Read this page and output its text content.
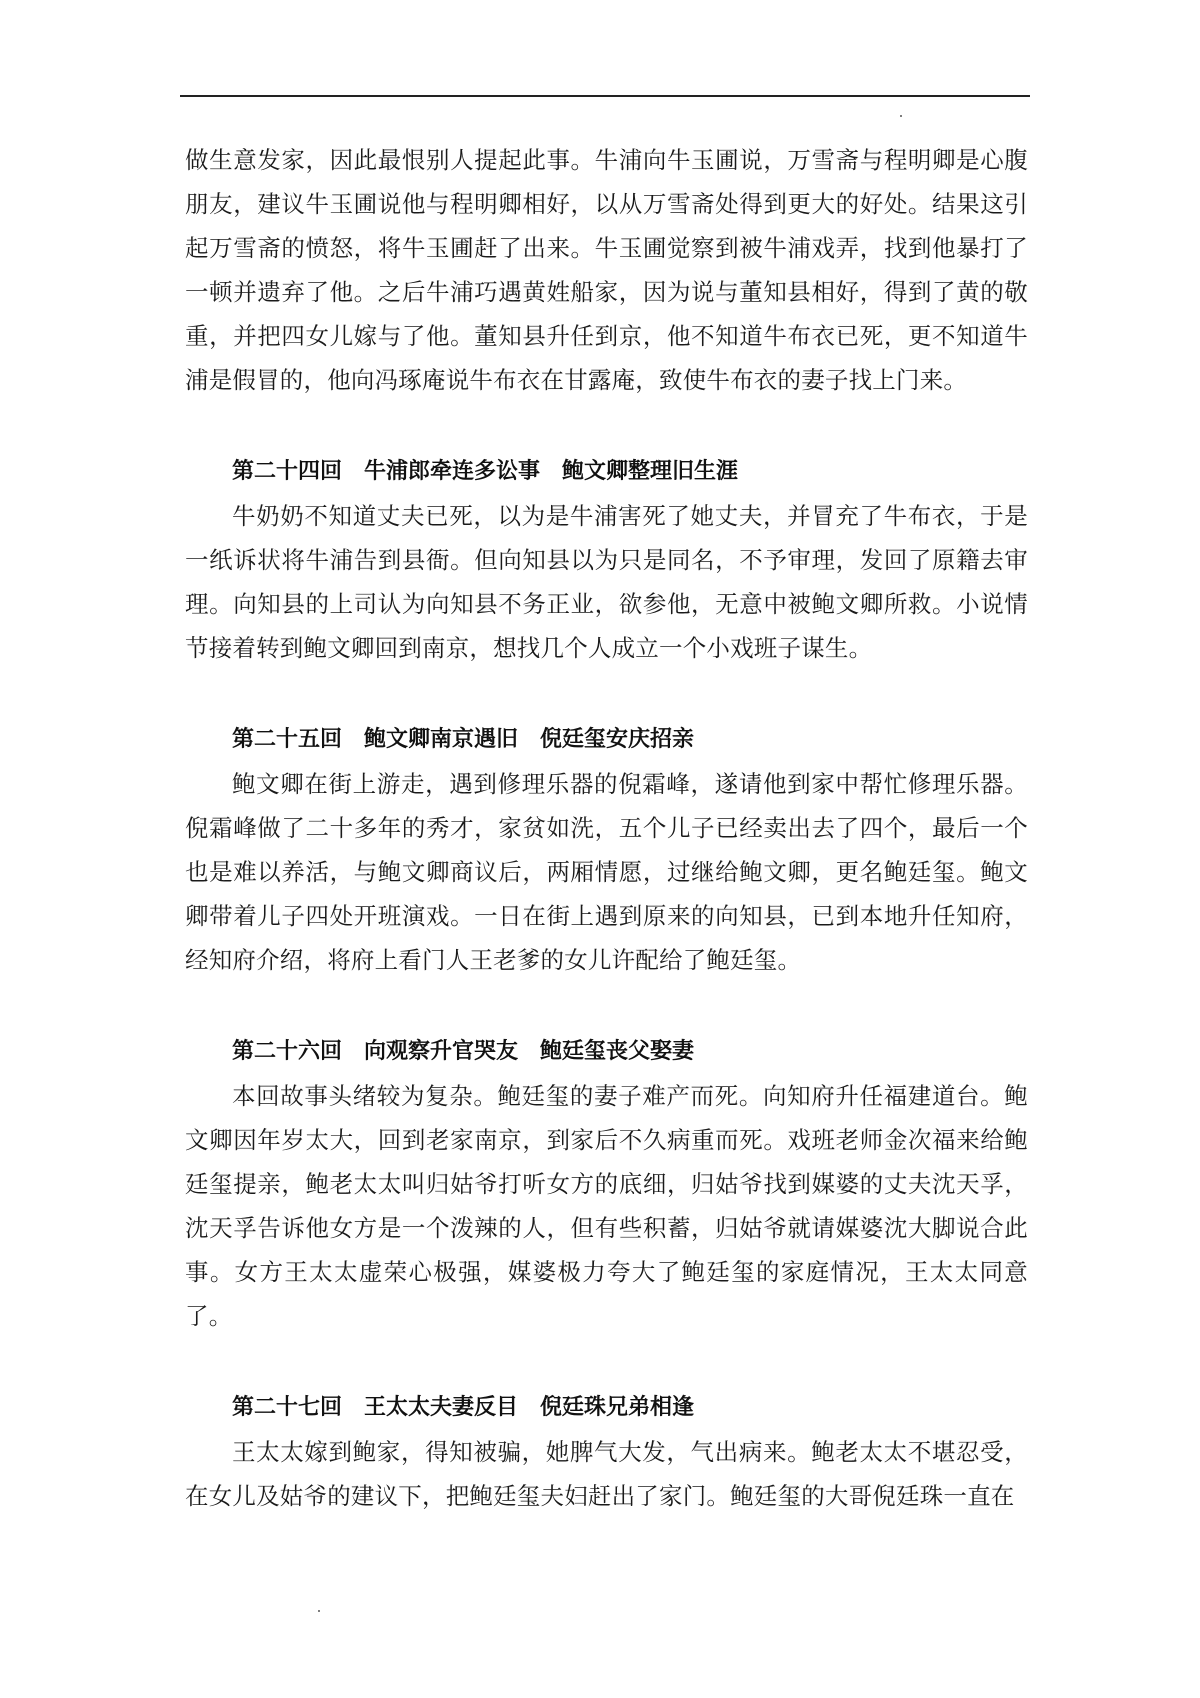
做生意发家，因此最恨别人提起此事。牛浦向牛玉圃说，万雪斋与程明卿是心腹朋友，建议牛玉圃说他与程明卿相好，以从万雪斋处得到更大的好处。结果这引起万雪斋的愤怒，将牛玉圃赶了出来。牛玉圃觉察到被牛浦戏弄，找到他暴打了一顿并遗弃了他。之后牛浦巧遇黄姓船家，因为说与董知县相好，得到了黄的敬重，并把四女儿嫁与了他。董知县升任到京，他不知道牛布衣已死，更不知道牛浦是假冒的，他向冯琢庵说牛布衣在甘露庵，致使牛布衣的妻子找上门来。

第二十四回　牛浦郎牵连多讼事　鲍文卿整理旧生涯

牛奶奶不知道丈夫已死，以为是牛浦害死了她丈夫，并冒充了牛布衣，于是一纸诉状将牛浦告到县衙。但向知县以为只是同名，不予审理，发回了原籍去审理。向知县的上司认为向知县不务正业，欲参他，无意中被鲍文卿所救。小说情节接着转到鲍文卿回到南京，想找几个人成立一个小戏班子谋生。

第二十五回　鲍文卿南京遇旧　倪廷玺安庆招亲

鲍文卿在街上游走，遇到修理乐器的倪霜峰，遂请他到家中帮忙修理乐器。倪霜峰做了二十多年的秀才，家贫如洗，五个儿子已经卖出去了四个，最后一个也是难以养活，与鲍文卿商议后，两厢情愿，过继给鲍文卿，更名鲍廷玺。鲍文卿带着儿子四处开班演戏。一日在街上遇到原来的向知县，已到本地升任知府，经知府介绍，将府上看门人王老爹的女儿许配给了鲍廷玺。

第二十六回　向观察升官哭友　鲍廷玺丧父娶妻

本回故事头绪较为复杂。鲍廷玺的妻子难产而死。向知府升任福建道台。鲍文卿因年岁太大，回到老家南京，到家后不久病重而死。戏班老师金次福来给鲍廷玺提亲，鲍老太太叫归姑爷打听女方的底细，归姑爷找到媒婆的丈夫沈天孚，沈天孚告诉他女方是一个泼辣的人，但有些积蓄，归姑爷就请媒婆沈大脚说合此事。女方王太太虚荣心极强，媒婆极力夸大了鲍廷玺的家庭情况，王太太同意了。

第二十七回　王太太夫妻反目　倪廷珠兄弟相逢

王太太嫁到鲍家，得知被骗，她脾气大发，气出病来。鲍老太太不堪忍受，在女儿及姑爷的建议下，把鲍廷玺夫妇赶出了家门。鲍廷玺的大哥倪廷珠一直在
